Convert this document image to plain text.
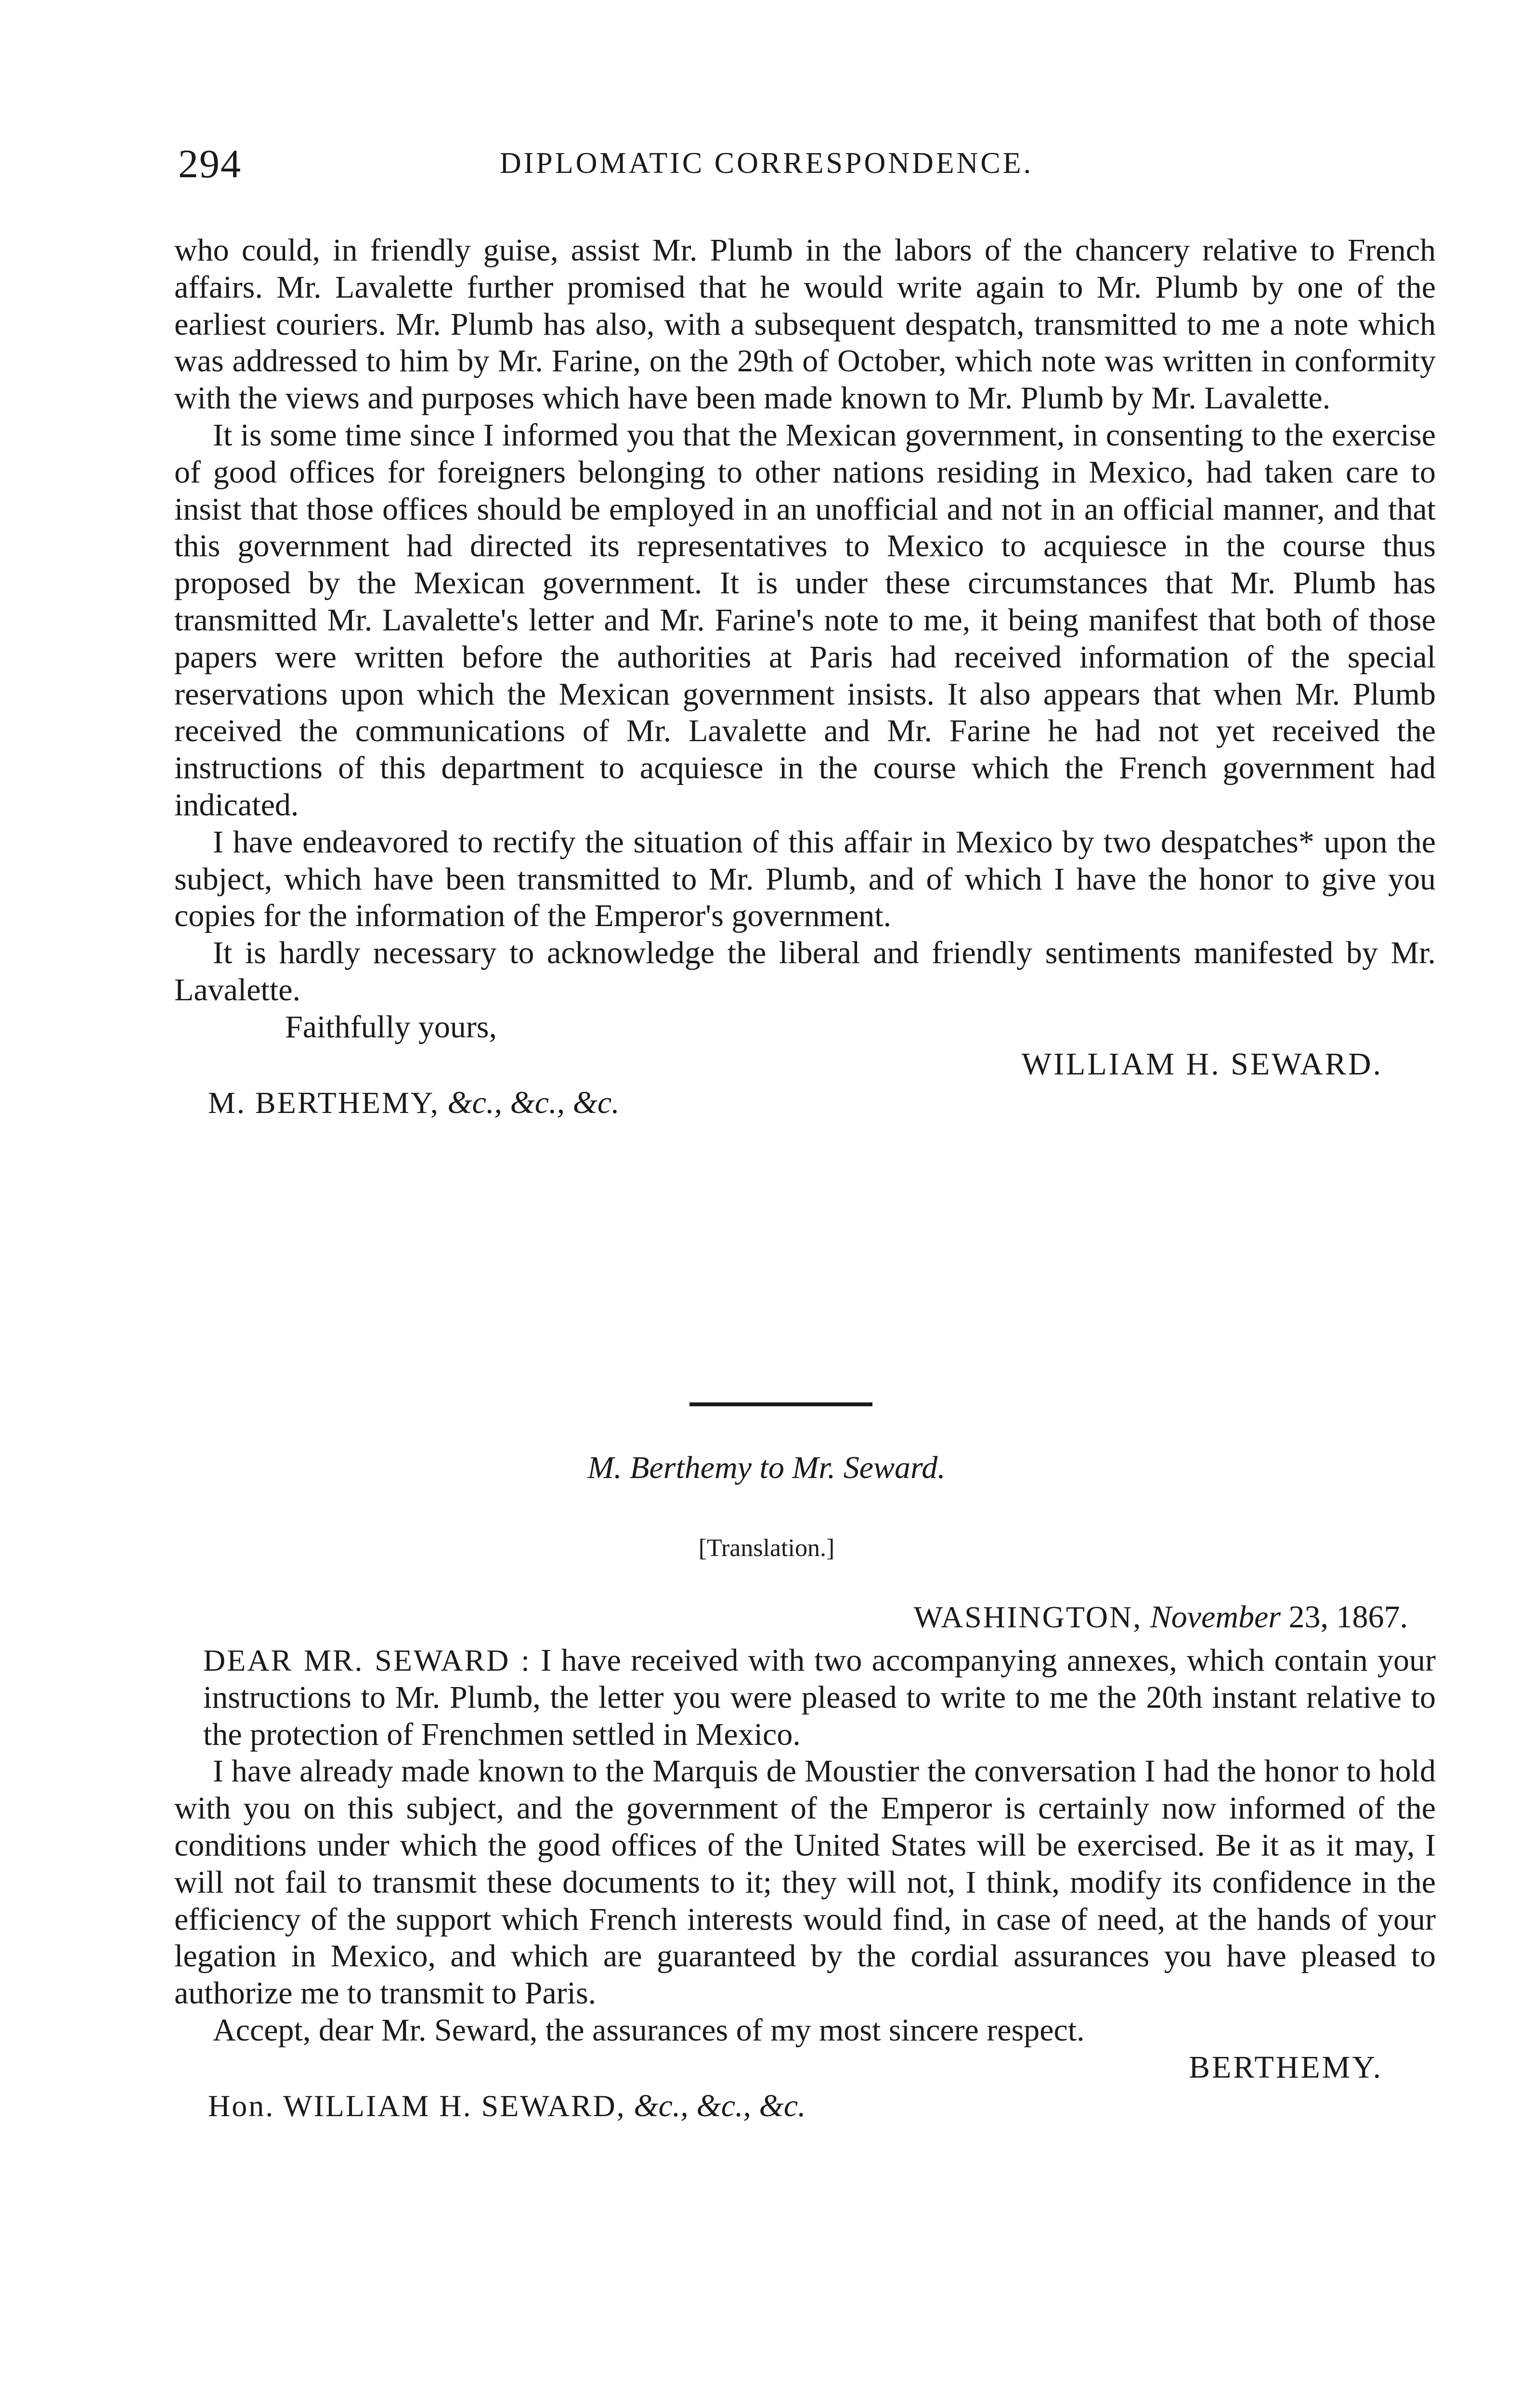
294	DIPLOMATIC CORRESPONDENCE.

who could, in friendly guise, assist Mr. Plumb in the labors of the chancery relative to French affairs. Mr. Lavalette further promised that he would write again to Mr. Plumb by one of the earliest couriers. Mr. Plumb has also, with a subsequent despatch, transmitted to me a note which was addressed to him by Mr. Farine, on the 29th of October, which note was written in conformity with the views and purposes which have been made known to Mr. Plumb by Mr. Lavalette.

It is some time since I informed you that the Mexican government, in consenting to the exercise of good offices for foreigners belonging to other nations residing in Mexico, had taken care to insist that those offices should be employed in an unofficial and not in an official manner, and that this government had directed its representatives to Mexico to acquiesce in the course thus proposed by the Mexican government. It is under these circumstances that Mr. Plumb has transmitted Mr. Lavalette's letter and Mr. Farine's note to me, it being manifest that both of those papers were written before the authorities at Paris had received information of the special reservations upon which the Mexican government insists. It also appears that when Mr. Plumb received the communications of Mr. Lavalette and Mr. Farine he had not yet received the instructions of this department to acquiesce in the course which the French government had indicated.

I have endeavored to rectify the situation of this affair in Mexico by two despatches* upon the subject, which have been transmitted to Mr. Plumb, and of which I have the honor to give you copies for the information of the Emperor's government.

It is hardly necessary to acknowledge the liberal and friendly sentiments manifested by Mr. Lavalette.

Faithfully yours,

WILLIAM H. SEWARD.

M. BERTHEMY, &c., &c., &c.

M. Berthemy to Mr. Seward.
[Translation.]
WASHINGTON, November 23, 1867.

DEAR MR. SEWARD : I have received with two accompanying annexes, which contain your instructions to Mr. Plumb, the letter you were pleased to write to me the 20th instant relative to the protection of Frenchmen settled in Mexico.

I have already made known to the Marquis de Moustier the conversation I had the honor to hold with you on this subject, and the government of the Emperor is certainly now informed of the conditions under which the good offices of the United States will be exercised. Be it as it may, I will not fail to transmit these documents to it; they will not, I think, modify its confidence in the efficiency of the support which French interests would find, in case of need, at the hands of your legation in Mexico, and which are guaranteed by the cordial assurances you have pleased to authorize me to transmit to Paris.

Accept, dear Mr. Seward, the assurances of my most sincere respect.

BERTHEMY.

Hon. WILLIAM H. SEWARD, &c., &c., &c.
